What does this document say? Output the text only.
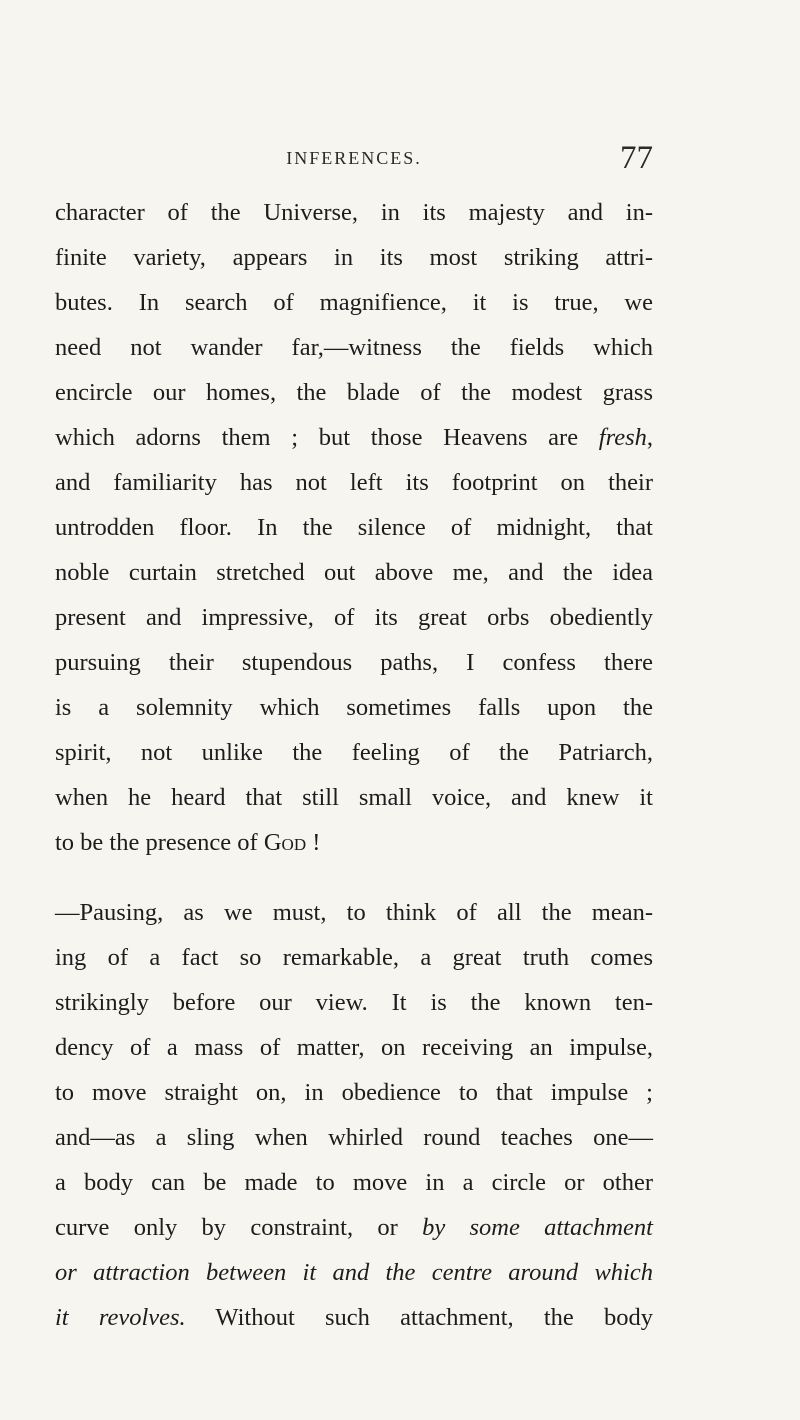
INFERENCES.	77
character of the Universe, in its majesty and in-
finite variety, appears in its most striking attri-
butes. In search of magnifience, it is true, we
need not wander far,—witness the fields which
encircle our homes, the blade of the modest grass
which adorns them ; but those Heavens are fresh,
and familiarity has not left its footprint on their
untrodden floor. In the silence of midnight, that
noble curtain stretched out above me, and the idea
present and impressive, of its great orbs obediently
pursuing their stupendous paths, I confess there
is a solemnity which sometimes falls upon the
spirit, not unlike the feeling of the Patriarch,
when he heard that still small voice, and knew it
to be the presence of God !
—Pausing, as we must, to think of all the mean-
ing of a fact so remarkable, a great truth comes
strikingly before our view. It is the known ten-
dency of a mass of matter, on receiving an impulse,
to move straight on, in obedience to that impulse ;
and—as a sling when whirled round teaches one—
a body can be made to move in a circle or other
curve only by constraint, or by some attachment
or attraction between it and the centre around which
it revolves. Without such attachment, the body
